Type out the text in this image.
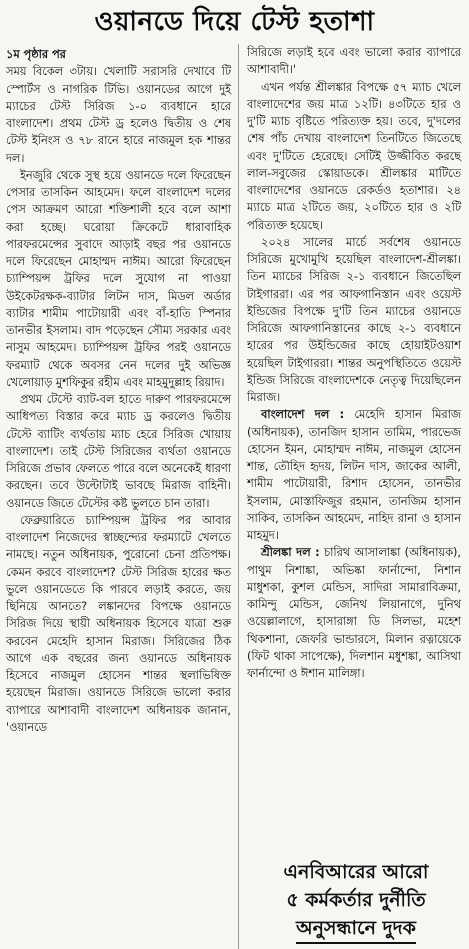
ওয়ানডে দিয়ে টেস্ট হতাশা

১ম পৃষ্ঠার পর

সময় বিকেল ৩টায়। খেলাটি সরাসরি দেখাবে টি স্পোর্টস ও নাগরিক টিভি। ওয়ানডের আগে দুই ম্যাচের টেস্ট সিরিজ ১-০ ব্যবধানে হারে বাংলাদেশ। প্রথম টেস্ট ড্র হলেও দ্বিতীয় ও শেষ টেস্ট ইনিংস ও ৭৮ রানে হারে নাজমুল হক শান্তর দল।

ইনজুরি থেকে সুস্থ হয়ে ওয়ানডে দলে ফিরেছেন পেসার তাসকিন আহমেদ। ফলে বাংলাদেশ দলের পেস আক্রমণ আরো শক্তিশালী হবে বলে আশা করা হচ্ছে। ঘরোয়া ক্রিকেটে ধারাবাহিক পারফরমেন্সের সুবাদে আড়াই বছর পর ওয়ানডে দলে ফিরেছেন মোহাম্মদ নাঈম। আরো ফিরেছেন চ্যাম্পিয়ন্স ট্রফির দলে সুযোগ না পাওয়া উইকেটরক্ষক-ব্যাটার লিটন দাস, মিডল অর্ডার ব্যাটার শামীম পাটোয়ারী এবং বাঁ-হাতি স্পিনার তানভীর ইসলাম। বাদ পড়েছেন সৌম্য সরকার এবং নাসুম আহমেদ। চ্যাম্পিয়ন্স ট্রফির পরই ওয়ানডে ফরম্যাট থেকে অবসর নেন দলের দুই অভিজ্ঞ খেলোয়াড় মুশফিকুর রহীম এবং মাহমুদুল্লাহ রিয়াদ।

প্রথম টেস্টে ব্যাট-বল হাতে দারুণ পারফরমেন্সে আধিপত্য বিস্তার করে ম্যাচ ড্র করলেও দ্বিতীয় টেস্টে ব্যাটিং ব্যর্থতায় ম্যাচ হেরে সিরিজ খোয়ায় বাংলাদেশ। তাই টেস্ট সিরিজের ব্যর্থতা ওয়ানডে সিরিজে প্রভাব ফেলতে পারে বলে অনেকেই ধারণা করছেন। তবে উল্টোটাই ভাবছে মিরাজ বাহিনী। ওয়ানডে জিতে টেস্টের কষ্ট ভুলতে চান তারা।

ফেব্রুয়ারিতে চ্যাম্পিয়ন্স ট্রফির পর আবার বাংলাদেশ নিজেদের স্বাচ্ছন্দ্যের ফরম্যাটে খেলতে নামছে। নতুন অধিনায়ক, পুরোনো চেনা প্রতিপক্ষ। কেমন করবে বাংলাদেশ? টেস্ট সিরিজ হারের ক্ষত ভুলে ওয়ানডেতে কি পারবে লড়াই করতে, জয় ছিনিয়ে আনতে? লঙ্কানদের বিপক্ষে ওয়ানডে সিরিজ দিয়ে স্থায়ী অধিনায়ক হিসেবে যাত্রা শুরু করবেন মেহেদি হাসান মিরাজ। সিরিজের ঠিক আগে এক বছরের জন্য ওয়ানডে অধিনায়ক হিসেবে নাজমুল হোসেন শান্তর স্থলাভিষিক্ত হয়েছেন মিরাজ। ওয়ানডে সিরিজে ভালো করার ব্যাপারে আশাবাদী বাংলাদেশ অধিনায়ক জানান, 'ওয়ানডে

সিরিজে লড়াই হবে এবং ভালো করার ব্যাপারে আশাবাদী।'

এখন পর্যন্ত শ্রীলঙ্কার বিপক্ষে ৫৭ ম্যাচ খেলে বাংলাদেশের জয় মাত্র ১২টি। ৪৩টিতে হার ও দু'টি ম্যাচ বৃষ্টিতে পরিত্যক্ত হয়। তবে, দু'দলের শেষ পাঁচ দেখায় বাংলাদেশ তিনটিতে জিতেছে এবং দু'টিতে হেরেছে। সেটিই উজ্জীবিত করছে লাল-সবুজের স্কোয়াডকে। শ্রীলঙ্কার মাটিতে বাংলাদেশের ওয়ানডে রেকর্ডও হতাশার। ২৪ ম্যাচে মাত্র ২টিতে জয়, ২০টিতে হার ও ২টি পরিত্যক্ত হয়েছে।

২০২৪ সালের মার্চে সর্বশেষ ওয়ানডে সিরিজে মুখোমুখি হয়েছিল বাংলাদেশ-শ্রীলঙ্কা। তিন ম্যাচের সিরিজ ২-১ ব্যবধানে জিতেছিল টাইগাররা। এর পর আফগানিস্তান এবং ওয়েস্ট ইন্ডিজের বিপক্ষে দু'টি তিন ম্যাচের ওয়ানডে সিরিজে আফগানিস্তানের কাছে ২-১ ব্যবধানে হারের পর উইন্ডিজের কাছে হোয়াইটওয়াশ হয়েছিল টাইগাররা। শান্তর অনুপস্থিতিতে ওয়েস্ট ইন্ডিজ সিরিজে বাংলাদেশকে নেতৃত্ব দিয়েছিলেন মিরাজ।

বাংলাদেশ দল : মেহেদি হাসান মিরাজ (অধিনায়ক), তানজিদ হাসান তামিম, পারভেজ হোসেন ইমন, মোহাম্মদ নাঈম, নাজমুল হোসেন শান্ত, তৌহিদ হৃদয়, লিটন দাস, জাকের আলী, শামীম পাটোয়ারী, রিশাদ হোসেন, তানভীর ইসলাম, মোস্তাফিজুর রহমান, তানজিম হাসান সাকিব, তাসকিন আহমেদ, নাহিদ রানা ও হাসান মাহমুদ।

শ্রীলঙ্কা দল : চারিথ আসালাঙ্কা (অধিনায়ক), পাথুম নিশাঙ্কা, অভিষ্কা ফার্নান্দো, নিশান মাধুশকা, কুশল মেন্ডিস, সাদিরা সামারাবিক্রমা, কামিন্দু মেন্ডিস, জেনিথ লিয়ানাগে, দুনিথ ওয়েল্লালাগে, হাসারাঙ্গা ডি সিলভা, মহেশ থিকশানা, জেফরি ভান্ডারসে, মিলান রত্নায়েকে (ফিট থাকা সাপেক্ষে), দিলশান মধুশঙ্কা, আসিথা ফার্নান্দো ও ঈশান মালিঙ্গা।

এনবিআরের আরো
৫ কর্মকর্তার দুর্নীতি
অনুসন্ধানে দুদক
